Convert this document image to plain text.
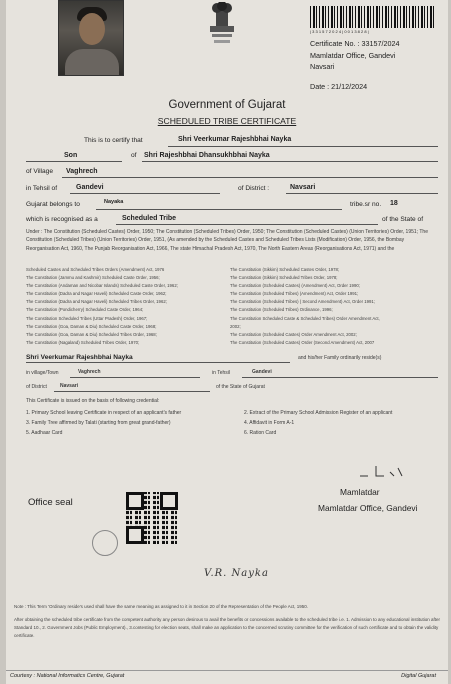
| 3 3 1 5 7 2 0 2 4 | 0 0 1 3 8 2 8 |
Certificate No. : 33157/2024
Mamlatdar Office, Gandevi
Navsari
Date : 21/12/2024
Government of Gujarat
SCHEDULED TRIBE CERTIFICATE
This is to certify that	Shri Veerkumar Rajeshbhai Nayka
Son	of Shri Rajeshbhai Dhansukhbhai Nayka
of Village Vaghrech
in Tehsil of	Gandevi	of District :	Navsari
Gujarat belongs to	Nayaka	tribe.sr no. 18
which is recognised as a	Scheduled Tribe	of the State of
Under : The Constitution (Scheduled Castes) Order, 1950; The Constitution (Scheduled Tribes) Order, 1950; The Constitution (Scheduled Castes) (Union Territories) Order, 1951; The Constitution (Scheduled Tribes) (Union Territories) Order, 1951, (As amended by the Scheduled Castes and Scheduled Tribes Lists (Modification) Order, 1956, the Bombay Reorganisation Act, 1960, The Punjab Reorganisation Act, 1966, The state Himachal Pradesh Act, 1970, The North Eastern Areas (Reorganisations Act, 1971) and the
Scheduled Castes and Scheduled Tribes Orders (Amendment) Act, 1976
The Constitution (Jammu and Kashmir) Scheduled Caste Order, 1956;
The Constitution (Andaman and Nicobar Islands) Scheduled Caste Order, 1962;
The Constitution (Dadra and Nagar Haveli) Scheduled Caste Order, 1962;
The Constitution (Dadra and Nagar Haveli) Scheduled Tribes Order, 1962;
The Constitution (Pondicherry) Scheduled Caste Order, 1964;
The Constitution Scheduled Tribes (Uttar Pradesh) Order, 1967;
The Constitution (Goa, Daman & Diu) Scheduled Caste Order, 1968;
The Constitution (Goa, Daman & Diu) Scheduled Tribes Order, 1968;
The Constitution (Nagaland) Scheduled Tribes Order, 1970;
The Constitution (Sikkim) Scheduled Castes Order, 1978;
The Constitution (Sikkim) Scheduled Tribes Order, 1978;
The Constitution (Scheduled Castes) (Amendment) Act, Order 1990;
The Constitution (Scheduled Tribes) (Amendment) Act, Order 1991;
The Constitution (Scheduled Tribes) ( Second Amendment) Act, Order 1991;
The Constitution (Scheduled Tribes) Ordinance, 1996;
The Constitution Scheduled Caste & Scheduled Tribes) Order Amendment Act,
2002;
The Constitution (Scheduled Castes) Order Amendment Act, 2002;
The Constitution (Scheduled Castes) Order (Second Amendment) Act, 2007
Shri Veerkumar Rajeshbhai Nayka	and his/her Family ordinarily reside(s)
in village/Town	Vaghrech	in Tehsil	Gandevi
of District	Navsari	of the State of Gujarat
This Certificate is issued on the basis of following credential:
1. Primary School leaving Certificate in respect of an applicant's father
3. Family Tree affirmed by Talati (starting from great grand-father)
5. Aadhaar Card
2. Extract of the Primary School Admission Register of an applicant
4. Affidavit in Form A-1
6. Ration Card
Mamlatdar
Mamlatdar Office, Gandevi
Office seal
V.R. Nayka
Note : This Term 'Ordinary reside's used shall have the same meaning as assigned to it in Section 20 of the Representation of the People Act, 1950.
After obtaining the scheduled tribe certificate from the competent authority any person desirous to avail the benefits or concessions available to the scheduled tribe i.e. 1. Admission to any educational institution after Standard 10., 2. Government Jobs (Public Employment)., 3.contesting for election seats, shall make an application to the concerned scrutiny committee for the verification of such certificate and to obtain the validity certificate.
Courtesy : National Informatics Centre, Gujarat	Digital Gujarat
